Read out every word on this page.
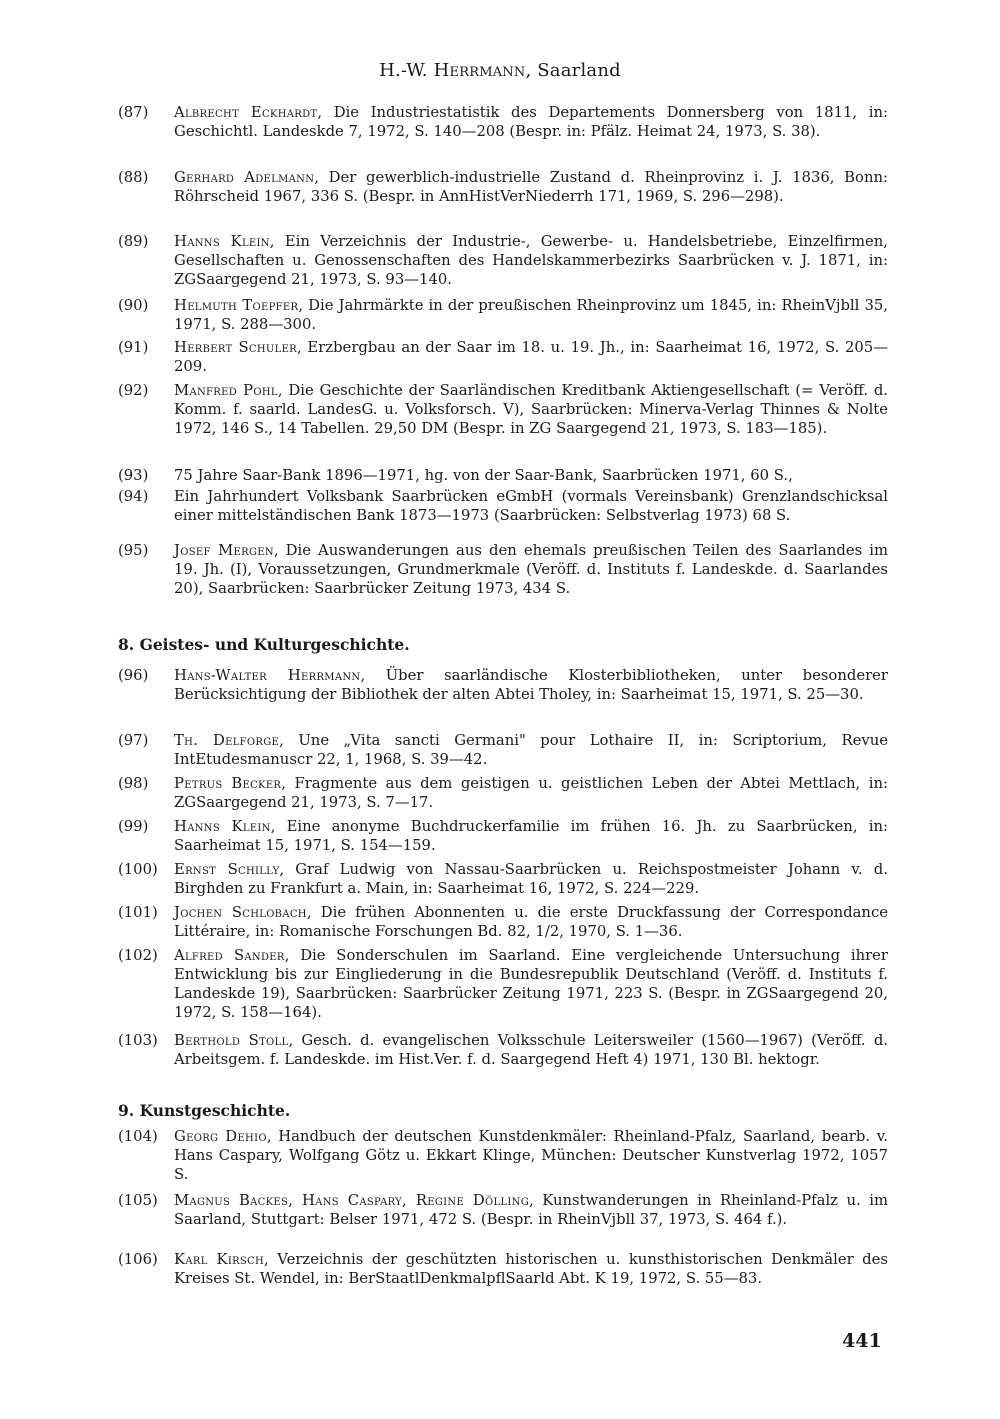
H.-W. Herrmann, Saarland
(87)	Albrecht Eckhardt, Die Industriestatistik des Departements Donnersberg von 1811, in: Geschichtl. Landeskde 7, 1972, S. 140—208 (Bespr. in: Pfälz. Heimat 24, 1973, S. 38).
(88)	Gerhard Adelmann, Der gewerblich-industrielle Zustand d. Rheinprovinz i. J. 1836, Bonn: Röhrscheid 1967, 336 S. (Bespr. in AnnHistVerNiederrh 171, 1969, S. 296—298).
(89)	Hanns Klein, Ein Verzeichnis der Industrie-, Gewerbe- u. Handelsbetriebe, Einzelfirmen, Gesellschaften u. Genossenschaften des Handelskammerbezirks Saarbrücken v. J. 1871, in: ZGSaargegend 21, 1973, S. 93—140.
(90)	Helmuth Toepfer, Die Jahrmärkte in der preußischen Rheinprovinz um 1845, in: RheinVjbll 35, 1971, S. 288—300.
(91)	Herbert Schuler, Erzbergbau an der Saar im 18. u. 19. Jh., in: Saarheimat 16, 1972, S. 205—209.
(92)	Manfred Pohl, Die Geschichte der Saarländischen Kreditbank Aktiengesellschaft (= Veröff. d. Komm. f. saarld. LandesG. u. Volksforsch. V), Saarbrücken: Minerva-Verlag Thinnes & Nolte 1972, 146 S., 14 Tabellen. 29,50 DM (Bespr. in ZG Saargegend 21, 1973, S. 183—185).
(93)	75 Jahre Saar-Bank 1896—1971, hg. von der Saar-Bank, Saarbrücken 1971, 60 S.,
(94)	Ein Jahrhundert Volksbank Saarbrücken eGmbH (vormals Vereinsbank) Grenzlandschicksal einer mittelständischen Bank 1873—1973 (Saarbrücken: Selbstverlag 1973) 68 S.
(95)	Josef Mergen, Die Auswanderungen aus den ehemals preußischen Teilen des Saarlandes im 19. Jh. (I), Voraussetzungen, Grundmerkmale (Veröff. d. Instituts f. Landeskde. d. Saarlandes 20), Saarbrücken: Saarbrücker Zeitung 1973, 434 S.
8. Geistes- und Kulturgeschichte.
(96)	Hans-Walter Herrmann, Über saarländische Klosterbibliotheken, unter besonderer Berücksichtigung der Bibliothek der alten Abtei Tholey, in: Saarheimat 15, 1971, S. 25—30.
(97)	Th. Delforge, Une „Vita sancti Germani" pour Lothaire II, in: Scriptorium, Revue IntEtudesmanuscr 22, 1, 1968, S. 39—42.
(98)	Petrus Becker, Fragmente aus dem geistigen u. geistlichen Leben der Abtei Mettlach, in: ZGSaargegend 21, 1973, S. 7—17.
(99)	Hanns Klein, Eine anonyme Buchdruckerfamilie im frühen 16. Jh. zu Saarbrücken, in: Saarheimat 15, 1971, S. 154—159.
(100)	Ernst Schilly, Graf Ludwig von Nassau-Saarbrücken u. Reichspostmeister Johann v. d. Birghden zu Frankfurt a. Main, in: Saarheimat 16, 1972, S. 224—229.
(101)	Jochen Schlobach, Die frühen Abonnenten u. die erste Druckfassung der Correspondance Littéraire, in: Romanische Forschungen Bd. 82, 1/2, 1970, S. 1—36.
(102)	Alfred Sander, Die Sonderschulen im Saarland. Eine vergleichende Untersuchung ihrer Entwicklung bis zur Eingliederung in die Bundesrepublik Deutschland (Veröff. d. Instituts f. Landeskde 19), Saarbrücken: Saarbrücker Zeitung 1971, 223 S. (Bespr. in ZGSaargegend 20, 1972, S. 158—164).
(103)	Berthold Stoll, Gesch. d. evangelischen Volksschule Leitersweiler (1560—1967) (Veröff. d. Arbeitsgem. f. Landeskde. im Hist.Ver. f. d. Saargegend Heft 4) 1971, 130 Bl. hektogr.
9. Kunstgeschichte.
(104)	Georg Dehio, Handbuch der deutschen Kunstdenkmäler: Rheinland-Pfalz, Saarland, bearb. v. Hans Caspary, Wolfgang Götz u. Ekkart Klinge, München: Deutscher Kunstverlag 1972, 1057 S.
(105)	Magnus Backes, Hans Caspary, Regine Dölling, Kunstwanderungen in Rheinland-Pfalz u. im Saarland, Stuttgart: Belser 1971, 472 S. (Bespr. in RheinVjbll 37, 1973, S. 464 f.).
(106)	Karl Kirsch, Verzeichnis der geschützten historischen u. kunsthistorischen Denkmäler des Kreises St. Wendel, in: BerStaatlDenkmalpflSaarld Abt. K 19, 1972, S. 55—83.
441
